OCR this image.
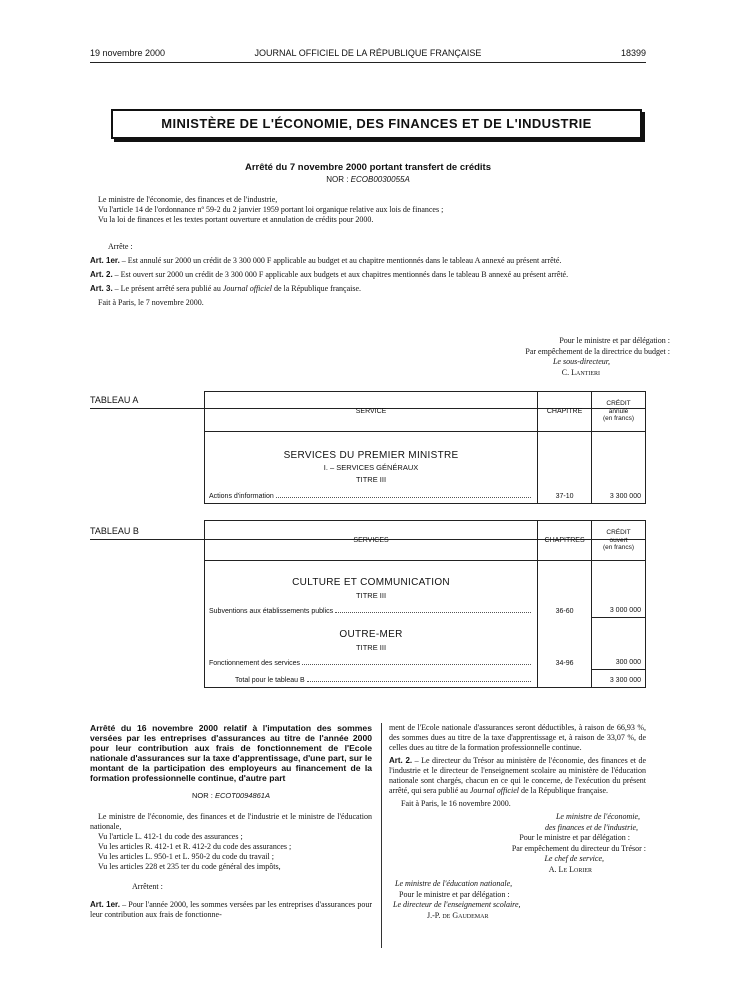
19 novembre 2000	JOURNAL OFFICIEL DE LA RÉPUBLIQUE FRANÇAISE	18399
MINISTÈRE DE L'ÉCONOMIE, DES FINANCES ET DE L'INDUSTRIE
Arrêté du 7 novembre 2000 portant transfert de crédits
NOR : ECOB0030055A

Le ministre de l'économie, des finances et de l'industrie,

Vu l'article 14 de l'ordonnance nº 59-2 du 2 janvier 1959 portant loi organique relative aux lois de finances ;

Vu la loi de finances et les textes portant ouverture et annulation de crédits pour 2000.

Arrête :

Art. 1er. – Est annulé sur 2000 un crédit de 3 300 000 F applicable au budget et au chapitre mentionnés dans le tableau A annexé au présent arrêté.

Art. 2. – Est ouvert sur 2000 un crédit de 3 300 000 F applicable aux budgets et aux chapitres mentionnés dans le tableau B annexé au présent arrêté.

Art. 3. – Le présent arrêté sera publié au Journal officiel de la République française.

Fait à Paris, le 7 novembre 2000.

Pour le ministre et par délégation :
Par empêchement de la directrice du budget :
Le sous-directeur,
C. Lantieri
TABLEAU A
SERVICE	CHAPITRE	CRÉDIT
annulé
(en francs)

SERVICES DU PREMIER MINISTRE
I. – SERVICES GÉNÉRAUX
TITRE III
Actions d'information	37-10	3 300 000
TABLEAU B
SERVICES	CHAPITRES	CRÉDIT
ouvert
(en francs)

CULTURE ET COMMUNICATION
TITRE III
Subventions aux établissements publics	36-60	3 000 000

OUTRE-MER
TITRE III
Fonctionnement des services	34-96	300 000

Total pour le tableau B		3 300 000
Arrêté du 16 novembre 2000 relatif à l'imputation des sommes versées par les entreprises d'assurances au titre de l'année 2000 pour leur contribution aux frais de fonctionnement de l'Ecole nationale d'assurances sur la taxe d'apprentissage, d'une part, sur le montant de la participation des employeurs au financement de la formation professionnelle continue, d'autre part
NOR : ECOT0094861A

Le ministre de l'économie, des finances et de l'industrie et le ministre de l'éducation nationale,

Vu l'article L. 412-1 du code des assurances ;

Vu les articles R. 412-1 et R. 412-2 du code des assurances ;

Vu les articles L. 950-1 et L. 950-2 du code du travail ;

Vu les articles 228 et 235 ter du code général des impôts,

Arrêtent :

Art. 1er. – Pour l'année 2000, les sommes versées par les entreprises d'assurances pour leur contribution aux frais de fonctionne-

ment de l'Ecole nationale d'assurances seront déductibles, à raison de 66,93 %, des sommes dues au titre de la taxe d'apprentissage et, à raison de 33,07 %, de celles dues au titre de la formation professionnelle continue.

Art. 2. – Le directeur du Trésor au ministère de l'économie, des finances et de l'industrie et le directeur de l'enseignement scolaire au ministère de l'éducation nationale sont chargés, chacun en ce qui le concerne, de l'exécution du présent arrêté, qui sera publié au Journal officiel de la République française.

Fait à Paris, le 16 novembre 2000.

Le ministre de l'économie,
des finances et de l'industrie,
Pour le ministre et par délégation :
Par empêchement du directeur du Trésor :
Le chef de service,
A. Le Lorier
Le ministre de l'éducation nationale,
Pour le ministre et par délégation :
Le directeur de l'enseignement scolaire,
J.-P. de Gaudemar
